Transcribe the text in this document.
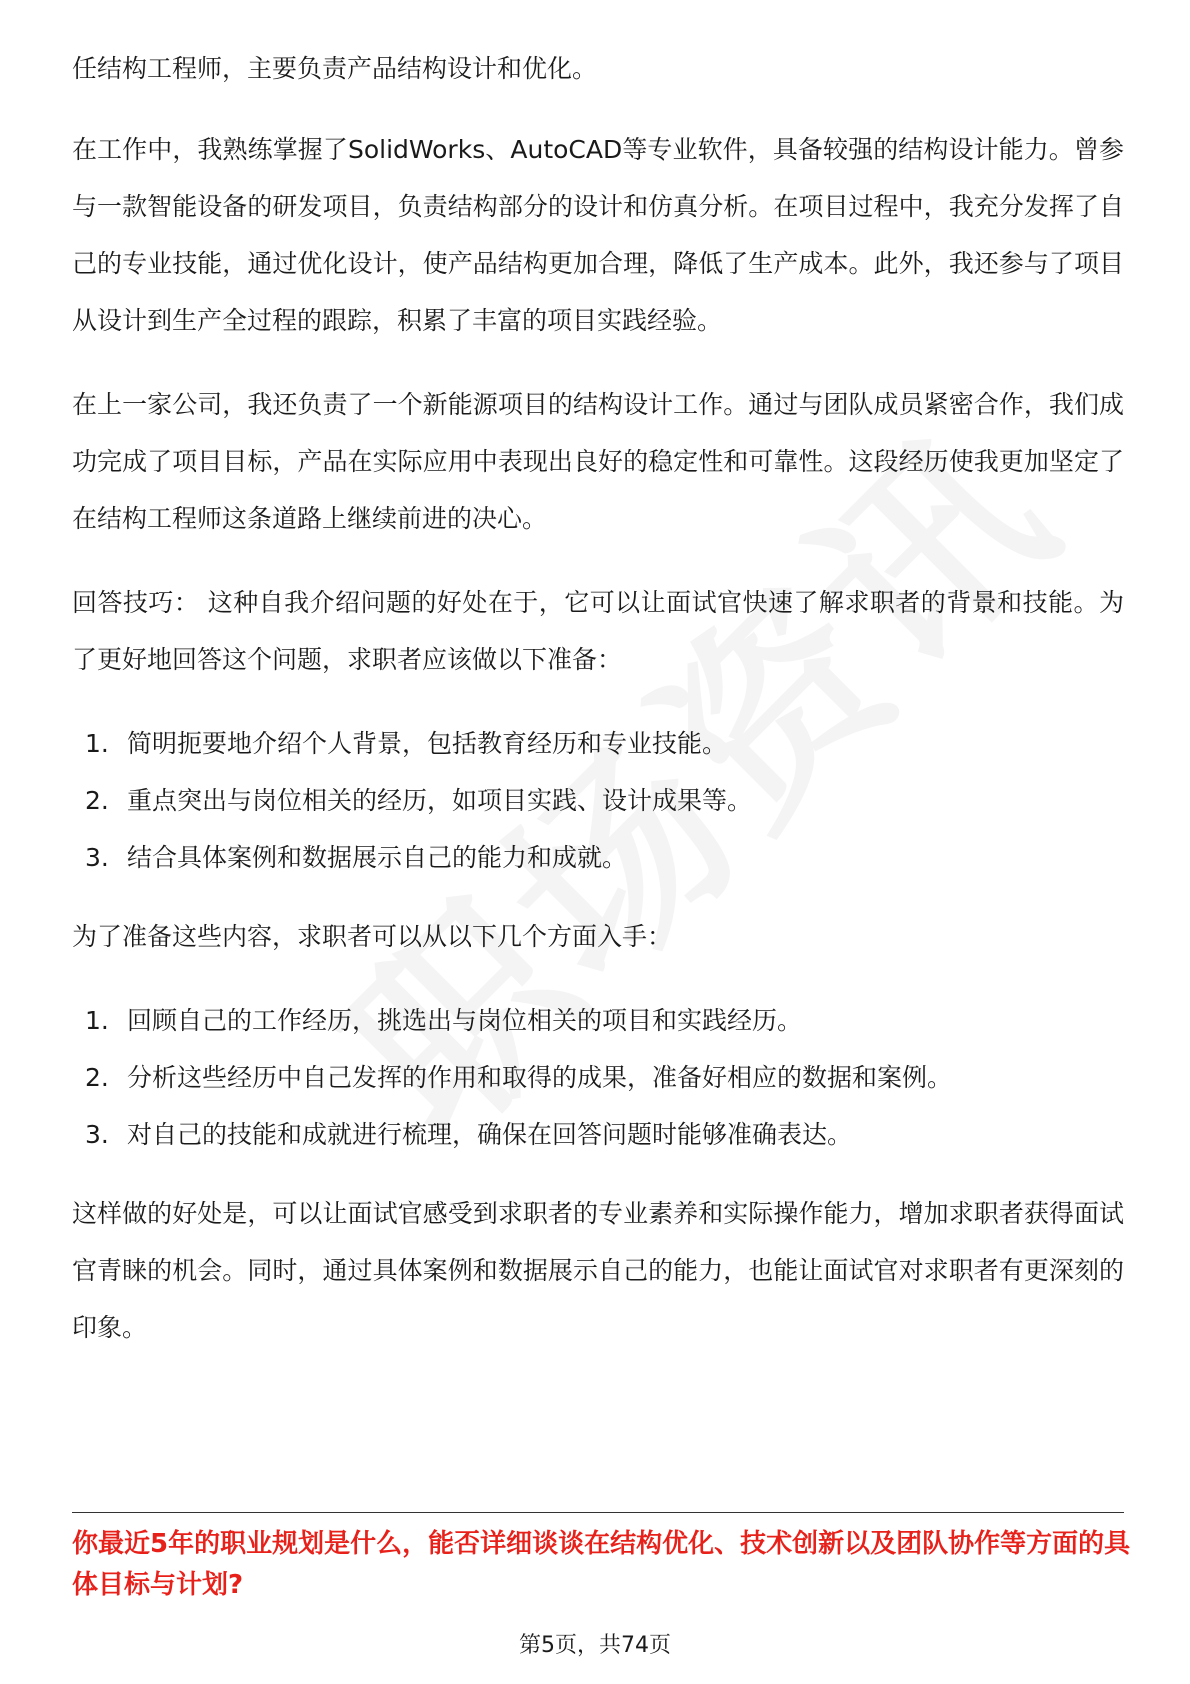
任结构工程师，主要负责产品结构设计和优化。

在工作中，我熟练掌握了SolidWorks、AutoCAD等专业软件，具备较强的结构设计能力。曾参与一款智能设备的研发项目，负责结构部分的设计和仿真分析。在项目过程中，我充分发挥了自己的专业技能，通过优化设计，使产品结构更加合理，降低了生产成本。此外，我还参与了项目从设计到生产全过程的跟踪，积累了丰富的项目实践经验。

在上一家公司，我还负责了一个新能源项目的结构设计工作。通过与团队成员紧密合作，我们成功完成了项目目标，产品在实际应用中表现出良好的稳定性和可靠性。这段经历使我更加坚定了在结构工程师这条道路上继续前进的决心。

回答技巧： 这种自我介绍问题的好处在于，它可以让面试官快速了解求职者的背景和技能。为了更好地回答这个问题，求职者应该做以下准备：

1. 简明扼要地介绍个人背景，包括教育经历和专业技能。
2. 重点突出与岗位相关的经历，如项目实践、设计成果等。
3. 结合具体案例和数据展示自己的能力和成就。

为了准备这些内容，求职者可以从以下几个方面入手：

1. 回顾自己的工作经历，挑选出与岗位相关的项目和实践经历。
2. 分析这些经历中自己发挥的作用和取得的成果，准备好相应的数据和案例。
3. 对自己的技能和成就进行梳理，确保在回答问题时能够准确表达。

这样做的好处是，可以让面试官感受到求职者的专业素养和实际操作能力，增加求职者获得面试官青睐的机会。同时，通过具体案例和数据展示自己的能力，也能让面试官对求职者有更深刻的印象。

你最近5年的职业规划是什么，能否详细谈谈在结构优化、技术创新以及团队协作等方面的具体目标与计划?
第5页，共74页
